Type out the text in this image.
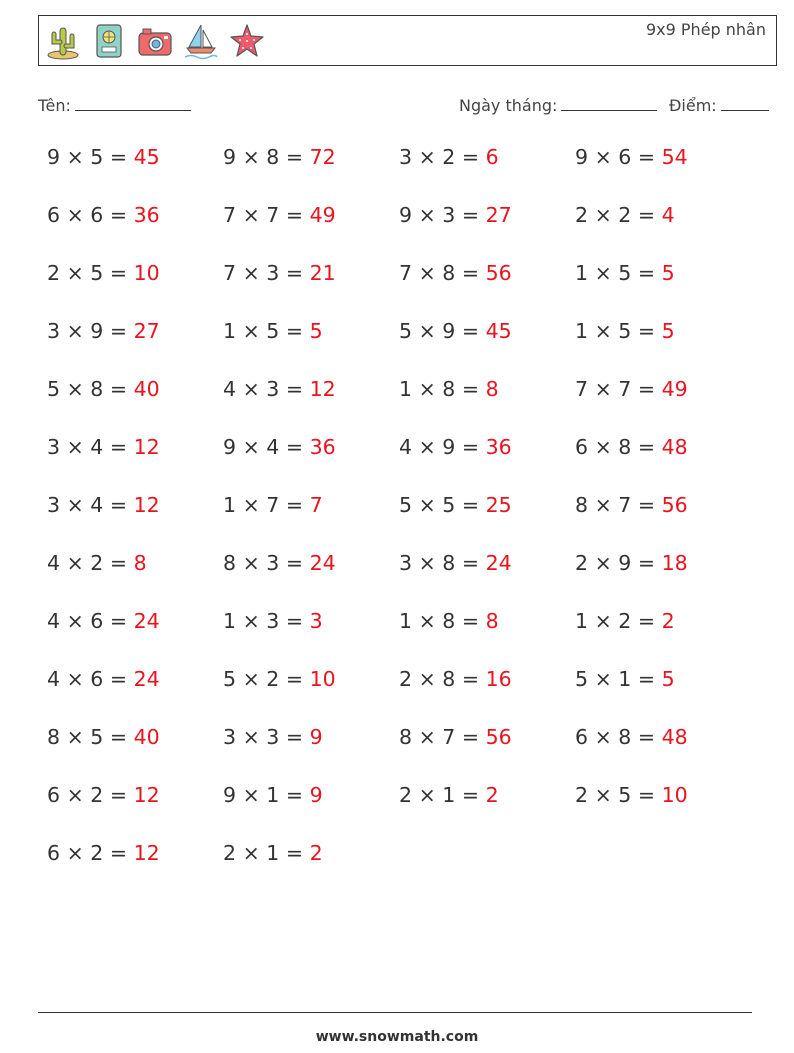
9x9 Phép nhân
Tên:	Ngày tháng:	Điểm:
9 × 5 = 45	9 × 8 = 72	3 × 2 = 6	9 × 6 = 54
6 × 6 = 36	7 × 7 = 49	9 × 3 = 27	2 × 2 = 4
2 × 5 = 10	7 × 3 = 21	7 × 8 = 56	1 × 5 = 5
3 × 9 = 27	1 × 5 = 5	5 × 9 = 45	1 × 5 = 5
5 × 8 = 40	4 × 3 = 12	1 × 8 = 8	7 × 7 = 49
3 × 4 = 12	9 × 4 = 36	4 × 9 = 36	6 × 8 = 48
3 × 4 = 12	1 × 7 = 7	5 × 5 = 25	8 × 7 = 56
4 × 2 = 8	8 × 3 = 24	3 × 8 = 24	2 × 9 = 18
4 × 6 = 24	1 × 3 = 3	1 × 8 = 8	1 × 2 = 2
4 × 6 = 24	5 × 2 = 10	2 × 8 = 16	5 × 1 = 5
8 × 5 = 40	3 × 3 = 9	8 × 7 = 56	6 × 8 = 48
6 × 2 = 12	9 × 1 = 9	2 × 1 = 2	2 × 5 = 10
6 × 2 = 12	2 × 1 = 2
www.snowmath.com
